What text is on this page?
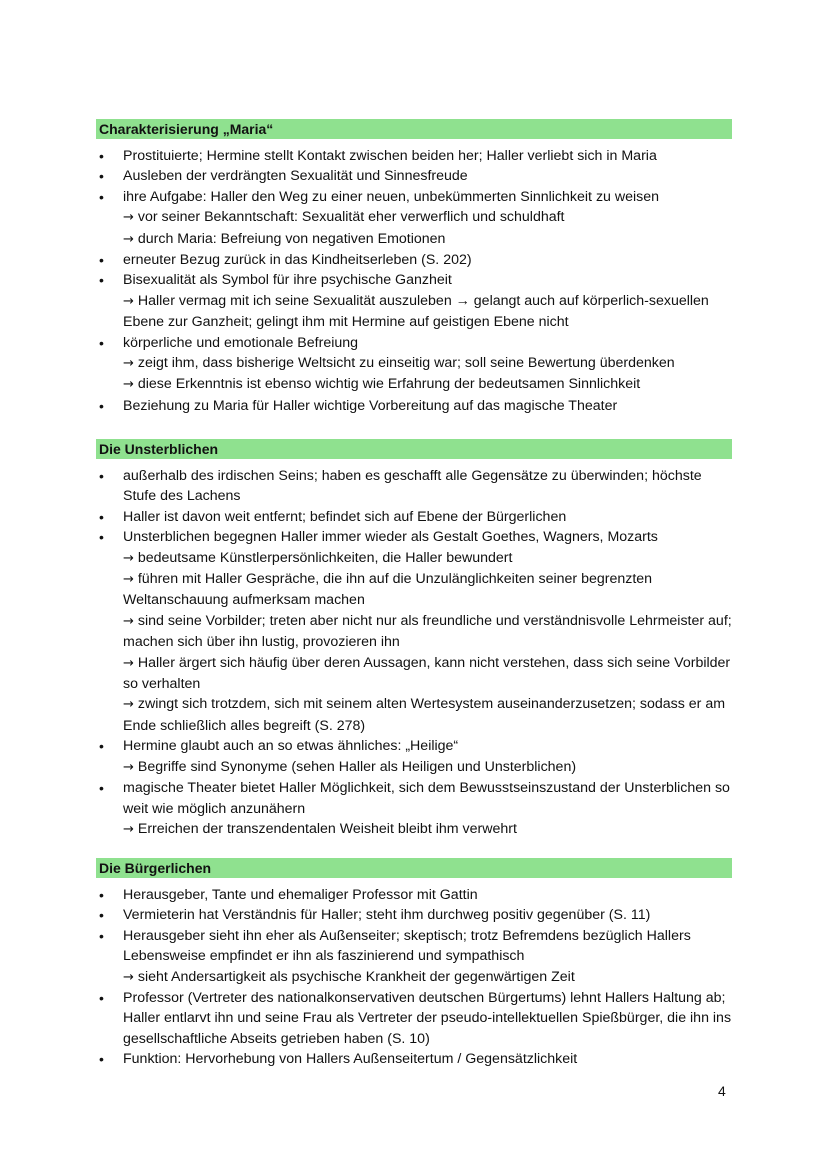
Charakterisierung „Maria“
• Prostituierte; Hermine stellt Kontakt zwischen beiden her; Haller verliebt sich in Maria
• Ausleben der verdrängten Sexualität und Sinnesfreude
• ihre Aufgabe: Haller den Weg zu einer neuen, unbekümmerten Sinnlichkeit zu weisen
→ vor seiner Bekanntschaft: Sexualität eher verwerflich und schuldhaft
→ durch Maria: Befreiung von negativen Emotionen
• erneuter Bezug zurück in das Kindheitserleben (S. 202)
• Bisexualität als Symbol für ihre psychische Ganzheit
→ Haller vermag mit ich seine Sexualität auszuleben → gelangt auch auf körperlich-sexuellen Ebene zur Ganzheit; gelingt ihm mit Hermine auf geistigen Ebene nicht
• körperliche und emotionale Befreiung
→ zeigt ihm, dass bisherige Weltsicht zu einseitig war; soll seine Bewertung überdenken
→ diese Erkenntnis ist ebenso wichtig wie Erfahrung der bedeutsamen Sinnlichkeit
• Beziehung zu Maria für Haller wichtige Vorbereitung auf das magische Theater
Die Unsterblichen
• außerhalb des irdischen Seins; haben es geschafft alle Gegensätze zu überwinden; höchste Stufe des Lachens
• Haller ist davon weit entfernt; befindet sich auf Ebene der Bürgerlichen
• Unsterblichen begegnen Haller immer wieder als Gestalt Goethes, Wagners, Mozarts
→ bedeutsame Künstlerpersönlichkeiten, die Haller bewundert
→ führen mit Haller Gespräche, die ihn auf die Unzulänglichkeiten seiner begrenzten Weltanschauung aufmerksam machen
→ sind seine Vorbilder; treten aber nicht nur als freundliche und verständnisvolle Lehrmeister auf; machen sich über ihn lustig, provozieren ihn
→ Haller ärgert sich häufig über deren Aussagen, kann nicht verstehen, dass sich seine Vorbilder so verhalten
→ zwingt sich trotzdem, sich mit seinem alten Wertesystem auseinanderzusetzen; sodass er am Ende schließlich alles begreift (S. 278)
• Hermine glaubt auch an so etwas ähnliches: „Heilige“
→ Begriffe sind Synonyme (sehen Haller als Heiligen und Unsterblichen)
• magische Theater bietet Haller Möglichkeit, sich dem Bewusstseinszustand der Unsterblichen so weit wie möglich anzunähern
→ Erreichen der transzendentalen Weisheit bleibt ihm verwehrt
Die Bürgerlichen
• Herausgeber, Tante und ehemaliger Professor mit Gattin
• Vermieterin hat Verständnis für Haller; steht ihm durchweg positiv gegenüber (S. 11)
• Herausgeber sieht ihn eher als Außenseiter; skeptisch; trotz Befremdens bezüglich Hallers Lebensweise empfindet er ihn als faszinierend und sympathisch
→ sieht Andersartigkeit als psychische Krankheit der gegenwärtigen Zeit
• Professor (Vertreter des nationalkonservativen deutschen Bürgertums) lehnt Hallers Haltung ab; Haller entlarvt ihn und seine Frau als Vertreter der pseudo-intellektuellen Spießbürger, die ihn ins gesellschaftliche Abseits getrieben haben (S. 10)
• Funktion: Hervorhebung von Hallers Außenseitertum / Gegensätzlichkeit
4
